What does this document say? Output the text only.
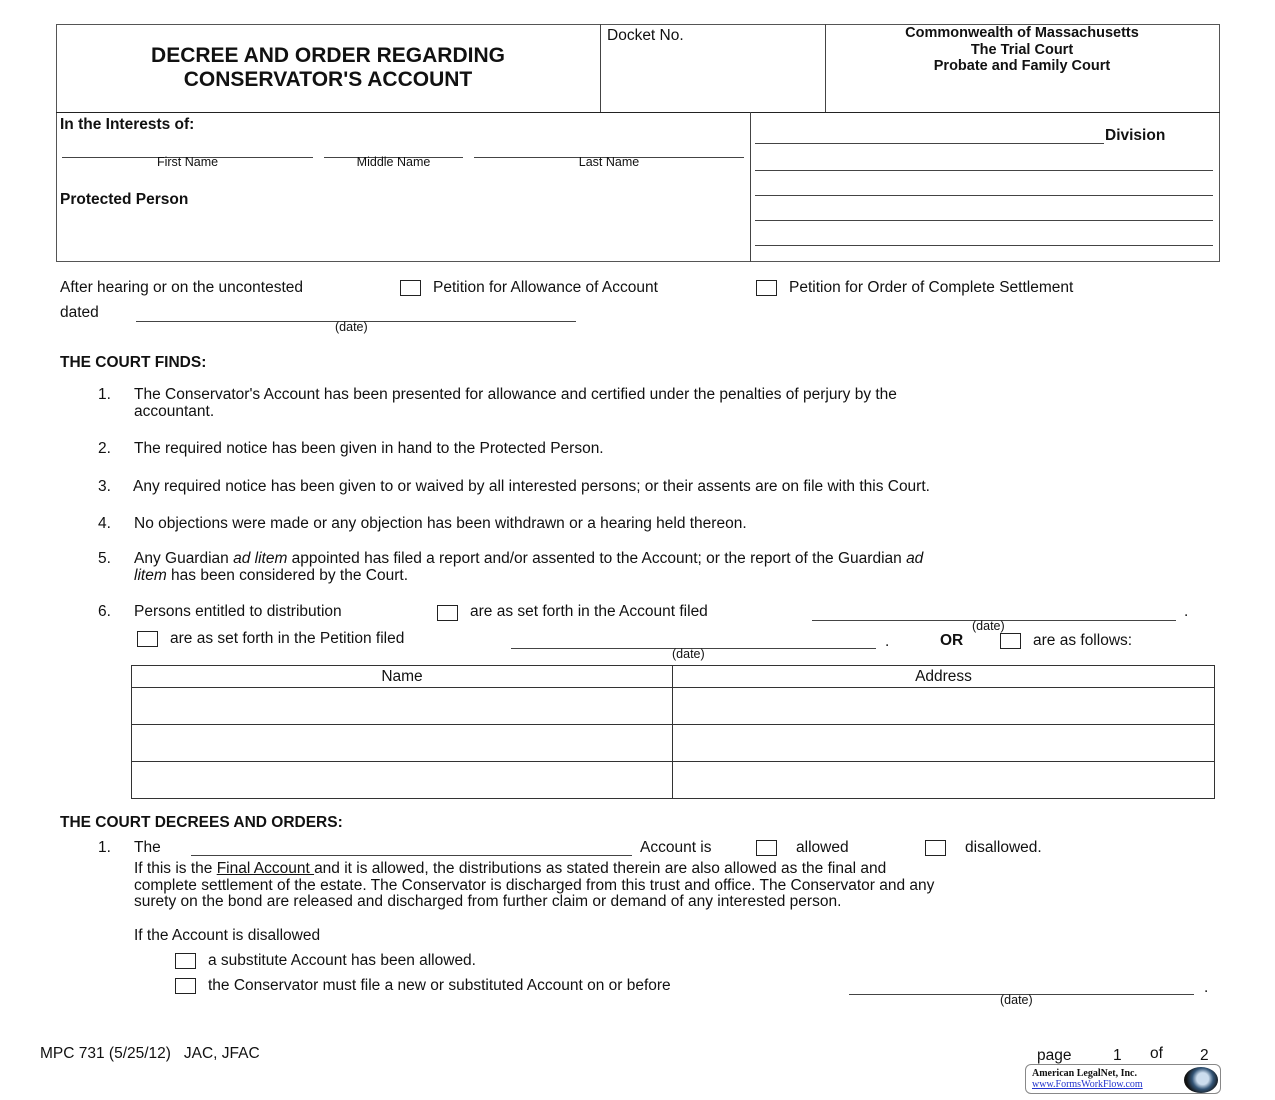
DECREE AND ORDER REGARDING
CONSERVATOR'S ACCOUNT
Docket No.	Commonwealth of Massachusetts
The Trial Court
Probate and Family Court
In the Interests of:
First Name	Middle Name	Last Name
Protected Person
Division
After hearing or on the uncontested	Petition for Allowance of Account	Petition for Order of Complete Settlement
dated
(date)
THE COURT FINDS:
1. The Conservator's Account has been presented for allowance and certified under the penalties of perjury by the
accountant.
2. The required notice has been given in hand to the Protected Person.
3. Any required notice has been given to or waived by all interested persons; or their assents are on file with this Court.
4. No objections were made or any objection has been withdrawn or a hearing held thereon.
5. Any Guardian ad litem appointed has filed a report and/or assented to the Account; or the report of the Guardian ad
litem has been considered by the Court.
6. Persons entitled to distribution	are as set forth in the Account filed	.
(date)
are as set forth in the Petition filed	.
(date)
OR	are as follows:
Name	Address

THE COURT DECREES AND ORDERS:
1. The	Account is	allowed	disallowed.
If this is the Final Account and it is allowed, the distributions as stated therein are also allowed as the final and
complete settlement of the estate. The Conservator is discharged from this trust and office. The Conservator and any
surety on the bond are released and discharged from further claim or demand of any interested person.
If the Account is disallowed
a substitute Account has been allowed.
the Conservator must file a new or substituted Account on or before	.
(date)
MPC 731 (5/25/12)   JAC, JFAC	page	1 of 2
American LegalNet, Inc.
www.FormsWorkFlow.com
